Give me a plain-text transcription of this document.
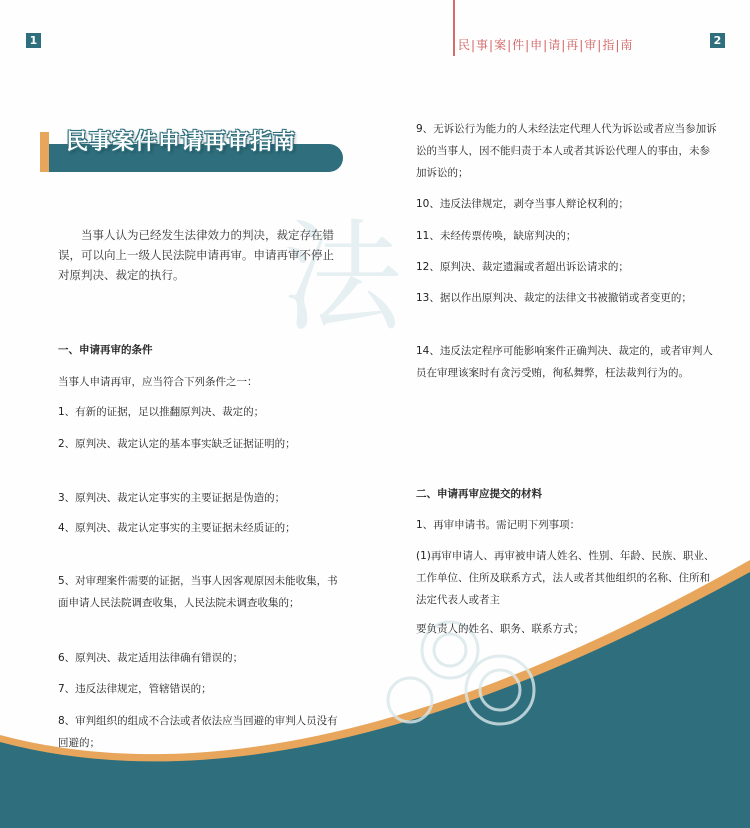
法
1	民|事|案|件|申|请|再|审|指|南	2
民事案件申请再审指南
当事人认为已经发生法律效力的判决，裁定存在错误，可以向上一级人民法院申请再审。申请再审不停止对原判决、裁定的执行。
一、申请再审的条件
当事人申请再审，应当符合下列条件之一：
1、有新的证据，足以推翻原判决、裁定的；
2、原判决、裁定认定的基本事实缺乏证据证明的；
3、原判决、裁定认定事实的主要证据是伪造的；
4、原判决、裁定认定事实的主要证据未经质证的；
5、对审理案件需要的证据，当事人因客观原因未能收集，书面申请人民法院调查收集，人民法院未调查收集的；
6、原判决、裁定适用法律确有错误的；
7、违反法律规定，管辖错误的；
8、审判组织的组成不合法或者依法应当回避的审判人员没有回避的；
9、无诉讼行为能力的人未经法定代理人代为诉讼或者应当参加诉讼的当事人，因不能归责于本人或者其诉讼代理人的事由，未参加诉讼的；
10、违反法律规定，剥夺当事人辩论权利的；
11、未经传票传唤，缺席判决的；
12、原判决、裁定遗漏或者超出诉讼请求的；
13、据以作出原判决、裁定的法律文书被撤销或者变更的；
14、违反法定程序可能影响案件正确判决、裁定的，或者审判人员在审理该案时有贪污受贿，徇私舞弊，枉法裁判行为的。
二、申请再审应提交的材料
1、再审申请书。需记明下列事项：
(1)再审申请人、再审被申请人姓名、性别、年龄、民族、职业、工作单位、住所及联系方式，法人或者其他组织的名称、住所和法定代表人或者主
要负责人的姓名、职务、联系方式；
